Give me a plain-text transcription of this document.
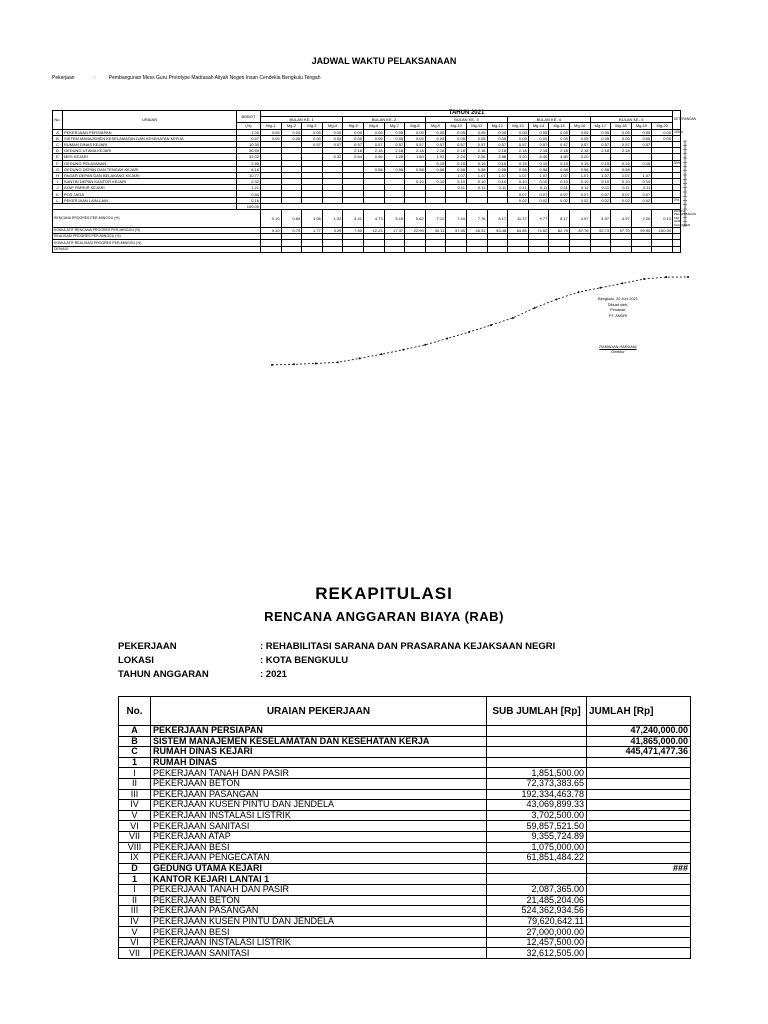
JADWAL WAKTU PELAKSANAAN
Pekerjaan	:	Pembangunan Mess Guru Prototype Madrasah Aliyah Negeri Insan Cendekia Bengkulu Tengah
No.	URAIAN	BOBOT	TAHUN 2021																				KETERANGAN
			BULAN KE- 1				BULAN KE- 2				BULAN KE- 3				BULAN KE- 4				BULAN KE- 5				
		(%)	Mg-1	Mg-2	Mg-3	Mg-4	Mg-5	Mg-6	Mg-7	Mg-8	Mg-9	Mg-10	Mg-11	Mg-12	Mg-13	Mg-14	Mg-15	Mg-16	Mg-17	Mg-18	Mg-19	Mg-20	
A	PEKERJAAN PERSIAPAN	1.00	0.05	0.05	0.05	0.05	0.05	0.05	0.05	0.05	0.05	0.05	0.05	0.05	0.05	0.05	0.05	0.05	0.05	0.05	0.05	0.05	100%
B	SISTEM MANAJEMEN KESELAMATAN DAN KESEHATAN KERJA	0.97	0.05	0.05	0.05	0.05	0.05	0.05	0.05	0.05	0.05	0.05	0.05	0.05	0.05	0.05	0.05	0.05	0.05	0.05	0.05	0.05	
C	RUMAH DINAS KEJARI	10.30			0.57	0.57	0.57	0.57	0.57	0.57	0.57	0.57	0.57	0.57	0.57	0.57	0.57	0.57	0.57	0.57	0.57		
D	GEDUNG UTAMA KEJARI	30.59					2.18	2.18	2.18	2.18	2.18	2.18	2.18	2.18	2.18	2.18	2.18	2.18	2.18	2.18			
E	MES KEJARI	32.02				0.32	0.64	0.96	1.28	1.60	1.92	2.24	2.56	2.88	3.20	6.40	4.80	3.20					
F	GEDUNG PELAYANAN	2.85									0.15	0.15	0.15	0.15	0.15	0.15	0.15	0.15	0.15	0.15	0.15		50%
G	GEDUNG DEPAN DAN TENGAH KEJARI	8.18						0.58	0.58	0.58	0.58	0.58	0.58	0.58	0.58	0.58	0.58	0.58	0.58	0.58			
H	PAGAR DEPAN DAN BELAKANG KEJARI	10.77										1.07	1.07	1.07	1.07	1.07	1.07	1.07	1.07	1.07	1.07		
I	KANTIN DEPAN KANTOR KEJARI	2.32								0.10	0.10	0.10	0.10	0.10	0.10	0.10	0.10	0.10	0.10	0.10	0.10		
J	ATAP PARKIR KEJARI	1.21										0.11	0.11	0.11	0.11	0.11	0.11	0.11	0.11	0.11	0.11		
K	POS JAGA	0.54													0.07	0.07	0.07	0.07	0.07	0.07	0.07		
L	PEKERJAAN LAIN-LAIN	0.16													0.02	0.02	0.02	0.02	0.02	0.02	0.02		0%
		100.00																					
RENCANA PROGRES PER-MINGGU (%)			0.10	0.69	1.08	1.32	4.41	4.73	5.15	5.62	7.12	7.44	7.76	8.17	11.37	9.77	8.17	4.97	4.97	4.97	2.20	0.10	WAKTU PELAKSANAAN 150 HARI KALENDER
KOMULATIF RENCANA PROGRES PER-MINGGU (%)			0.10	0.79	1.77	3.09	7.50	12.23	17.37	22.99	30.11	37.55	45.31	53.48	64.85	74.62	82.79	87.76	92.73	97.70	99.90	100.00	
REALISASI PROGRES PER-MINGGU (%)																							
KOMULATIF REALISASI PROGRES PER-MINGGU (%)																							
DEVIASI																							
Bengkulu, 20 Juni 2021
Dibuat oleh,
Penawar,
PT. ANDRI
RAMADAN HARDANI
Direktur
REKAPITULASI
RENCANA ANGGARAN BIAYA (RAB)
PEKERJAAN	: REHABILITASI SARANA DAN PRASARANA KEJAKSAAN NEGRI
LOKASI	: KOTA BENGKULU
TAHUN ANGGARAN	: 2021
No.	URAIAN PEKERJAAN	SUB JUMLAH [Rp]	JUMLAH [Rp]
A	PEKERJAAN PERSIAPAN		47,240,000.00
B	SISTEM MANAJEMEN KESELAMATAN DAN KESEHATAN KERJA		41,865,000.00
C	RUMAH DINAS KEJARI		445,471,477.36
1	RUMAH DINAS		
I	PEKERJAAN TANAH DAN PASIR	1,851,500.00	
II	PEKERJAAN BETON	72,373,383.65	
III	PEKERJAAN PASANGAN	192,334,463.78	
IV	PEKERJAAN KUSEN PINTU DAN JENDELA	43,069,899.33	
V	PEKERJAAN INSTALASI LISTRIK	3,702,500.00	
VI	PEKERJAAN SANITASI	59,857,521.50	
VII	PEKERJAAN ATAP	9,355,724.89	
VIII	PEKERJAAN BESI	1,075,000.00	
IX	PEKERJAAN PENGECATAN	61,851,484.22	
D	GEDUNG UTAMA KEJARI		###
1	KANTOR KEJARI LANTAI 1		
I	PEKERJAAN TANAH DAN PASIR	2,087,365.00	
II	PEKERJAAN BETON	21,485,204.06	
III	PEKERJAAN PASANGAN	524,362,934.56	
IV	PEKERJAAN KUSEN PINTU DAN JENDELA	79,620,642.11	
V	PEKERJAAN BESI	27,000,000.00	
VI	PEKERJAAN INSTALASI LISTRIK	12,457,500.00	
VII	PEKERJAAN SANITASI	32,612,505.00	
